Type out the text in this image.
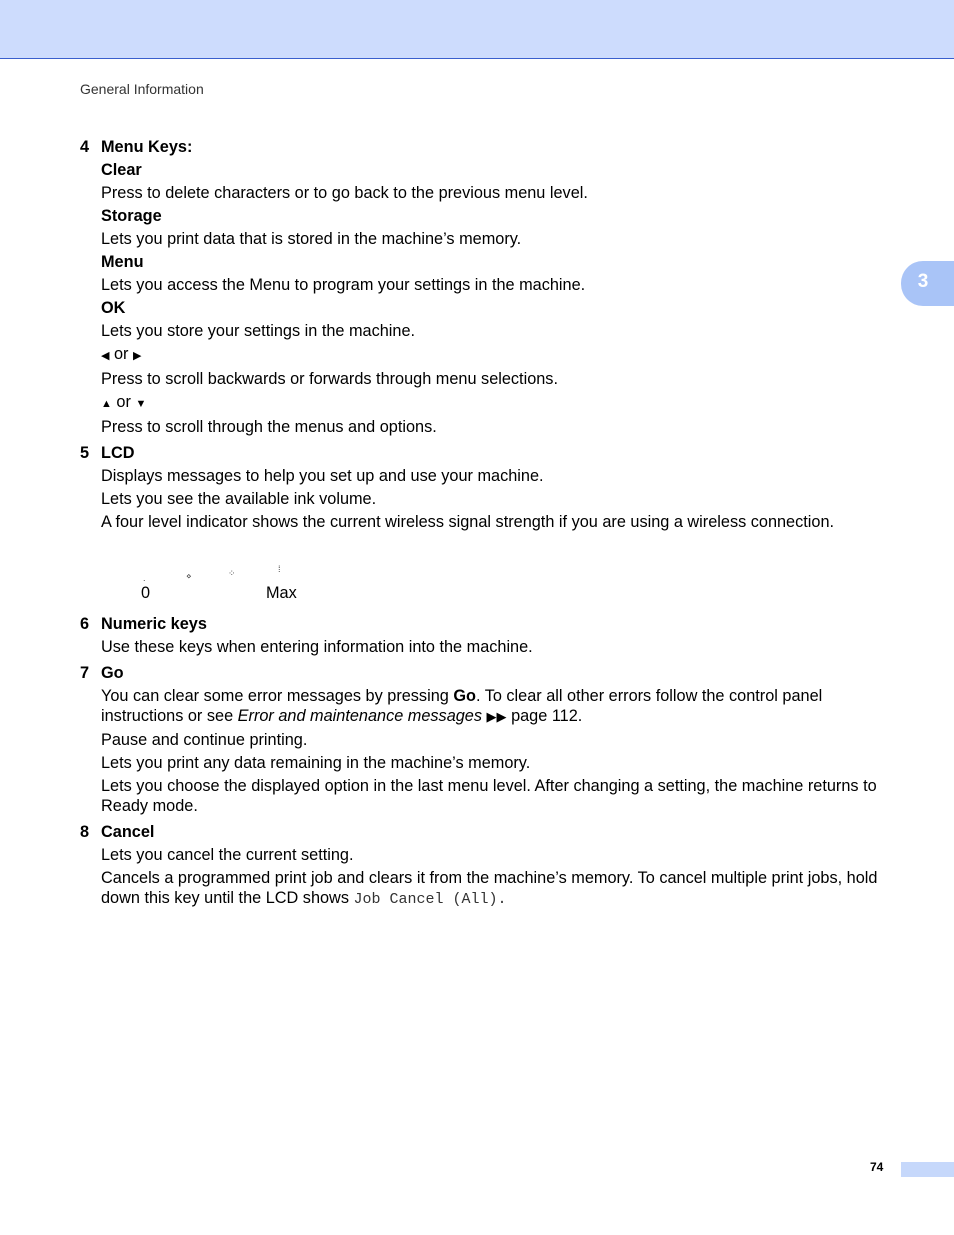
General Information
3
4 Menu Keys:
Clear
Press to delete characters or to go back to the previous menu level.
Storage
Lets you print data that is stored in the machine’s memory.
Menu
Lets you access the Menu to program your settings in the machine.
OK
Lets you store your settings in the machine.
◀ or ▶
Press to scroll backwards or forwards through menu selections.
▲ or ▼
Press to scroll through the menus and options.
5 LCD
Displays messages to help you set up and use your machine.
Lets you see the available ink volume.
A four level indicator shows the current wireless signal strength if you are using a wireless connection.
.	⋄	⁘	⁞
0	Max
6 Numeric keys
Use these keys when entering information into the machine.
7 Go
You can clear some error messages by pressing Go. To clear all other errors follow the control panel instructions or see Error and maintenance messages ▶▶ page 112.
Pause and continue printing.
Lets you print any data remaining in the machine’s memory.
Lets you choose the displayed option in the last menu level. After changing a setting, the machine returns to Ready mode.
8 Cancel
Lets you cancel the current setting.
Cancels a programmed print job and clears it from the machine’s memory. To cancel multiple print jobs, hold down this key until the LCD shows Job Cancel (All).
74
